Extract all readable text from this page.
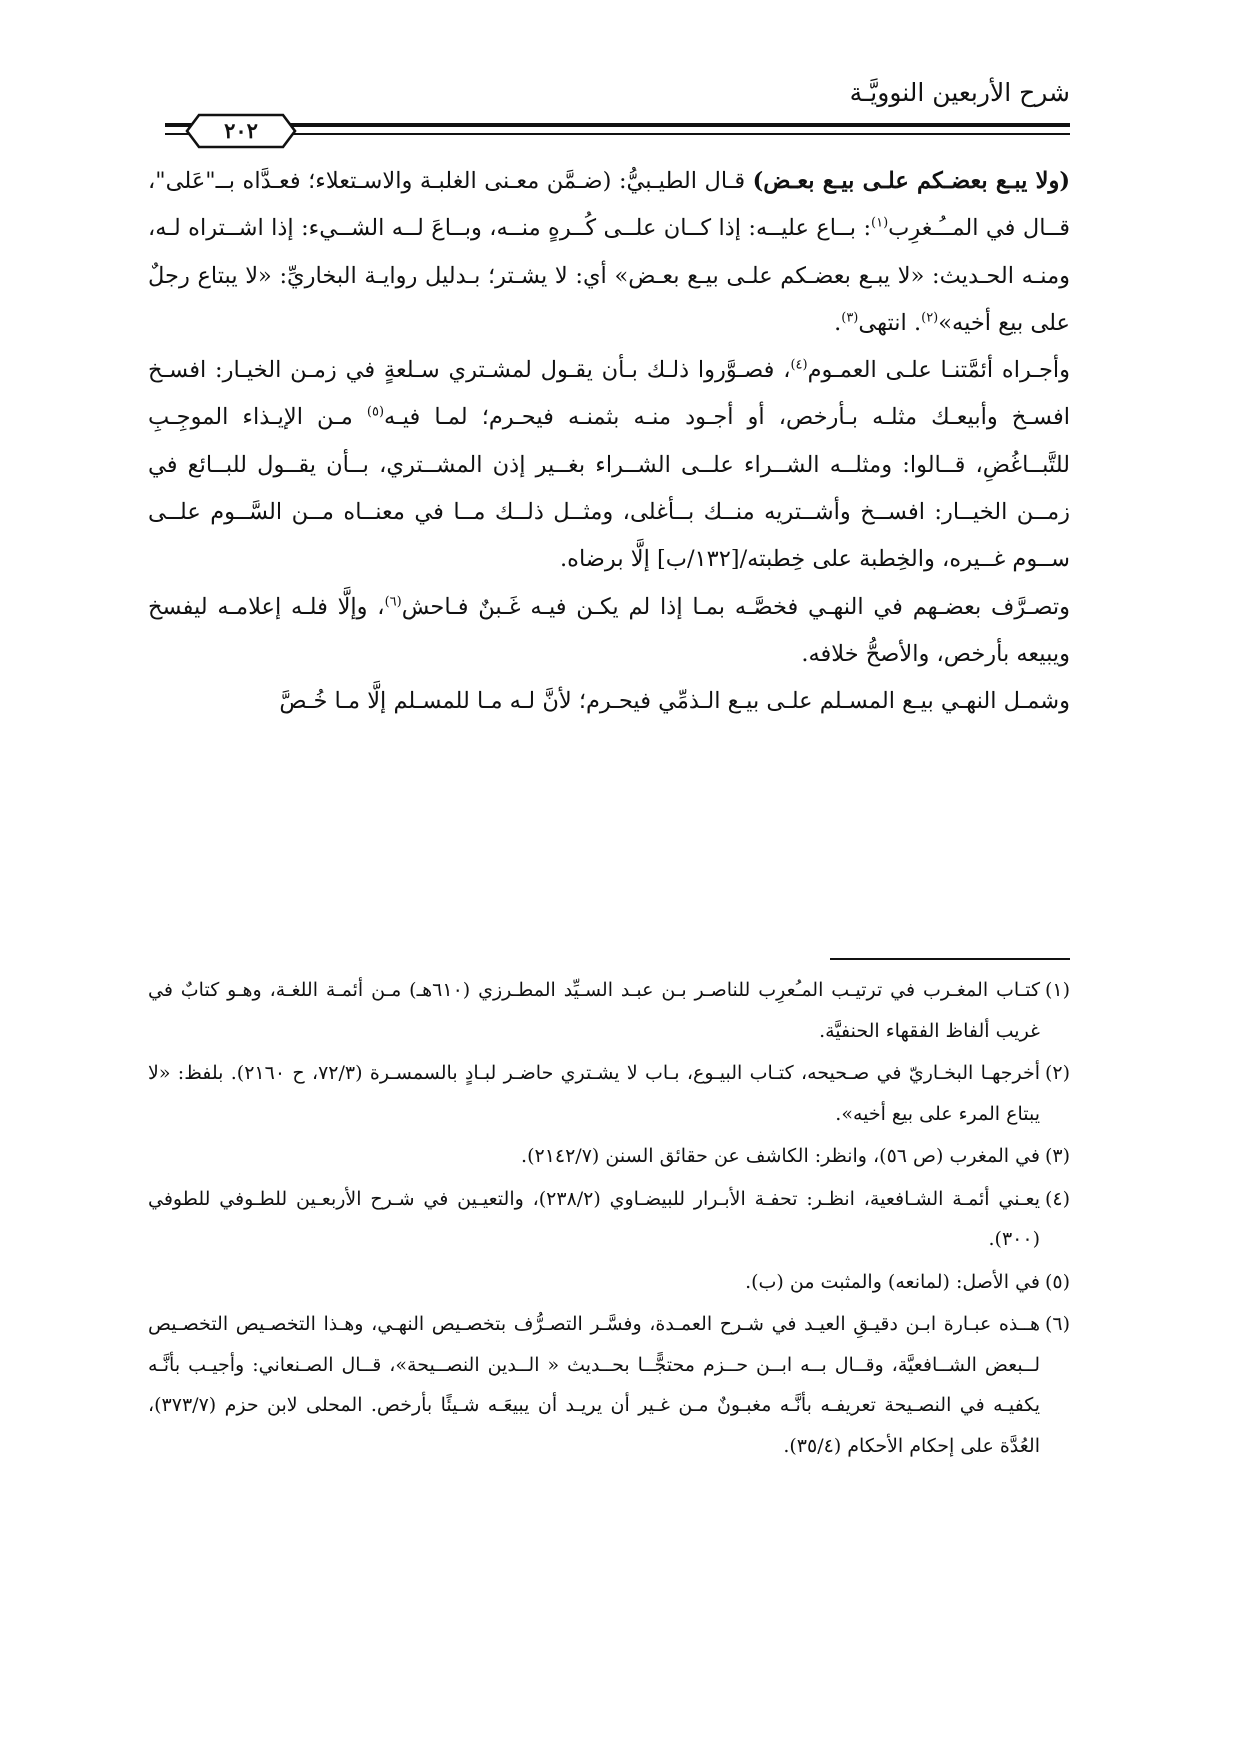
شرح الأربعين النوويَّـة
٢٠٢

(ولا يبـع بعضـكم علـى بيـع بعـض) قـال الطيـبيُّ: (ضـمَّن معـنى الغلبـة والاسـتعلاء؛ فعـدَّاه بــ"عَلى"، قــال في المــُـغرِب$^{(١)}$: بــاع عليــه: إذا كــان علــى كُــرهٍ منــه، وبــاعَ لــه الشــيء: إذا اشــتراه لـه، ومنـه الحـديث: «لا يبـع بعضـكم علـى بيـع بعـض» أي: لا يشـتر؛ بـدليل روايـة البخاريِّ: «لا يبتاع رجلٌ على بيع أخيه»$^{(٢)}$. انتهى$^{(٣)}$.

وأجـراه أئمَّتنـا علـى العمـوم$^{(٤)}$، فصـوَّروا ذلـك بـأن يقـول لمشـتري سـلعةٍ في زمـن الخيـار: افسـخ افسـخ وأبيعـك مثلـه بـأرخص، أو أجـود منـه بثمنـه فيحـرم؛ لمـا فيـه$^{(٥)}$ مـن الإيـذاء الموجِـبِ للتَّبــاغُضِ، قــالوا: ومثلــه الشــراء علــى الشــراء بغــير إذن المشــتري، بــأن يقــول للبــائع في زمــن الخيــار: افســخ وأشــتريه منــك بــأغلى، ومثــل ذلــك مــا في معنــاه مــن السَّــوم علــى ســوم غــيره، والخِطبة على خِطبته/[١٣٢/ب] إلَّا برضاه.

وتصـرَّف بعضـهم في النهـي فخصَّـه بمـا إذا لم يكـن فيـه غَـبنٌ فـاحش$^{(٦)}$، وإلَّا فلـه إعلامـه ليفسخ ويبيعه بأرخص، والأصحُّ خلافه.

وشمـل النهـي بيـع المسـلم علـى بيـع الـذمِّي فيحـرم؛ لأنَّ لـه مـا للمسـلم إلَّا مـا خُـصَّ

(١)
كتـاب المغـرب في ترتيـب المـُعرِب للناصـر بـن عبـد السـيِّد المطـرزي (٦١٠هـ) مـن أئمـة اللغـة، وهـو كتابٌ في غريب ألفاظ الفقهاء الحنفيَّة.
(٢)
أخرجهـا البخـاريّ في صـحيحه، كتـاب البيـوع، بـاب لا يشـتري حاضـر لبـادٍ بالسمسـرة (٧٢/٣، ح ٢١٦٠). بلفظ: «لا يبتاع المرء على بيع أخيه».
(٣)
في المغرب (ص ٥٦)، وانظر: الكاشف عن حقائق السنن (٢١٤٢/٧).
(٤)
يعـني أئمـة الشـافعية، انظـر: تحفـة الأبـرار للبيضـاوي (٢٣٨/٢)، والتعيـين في شـرح الأربعـين للطـوفي للطوفي (٣٠٠).
(٥)
في الأصل: (لمانعه) والمثبت من (ب).
(٦)
هــذه عبـارة ابـن دقيـقِ العيـد في شـرح العمـدة، وفسَّـر التصـرُّف بتخصـيص النهـي، وهـذا التخصـيص التخصـيص لــبعض الشــافعيَّة، وقــال بــه ابــن حــزم محتجًّــا بحــديث « الــدين النصــيحة»، قــال الصـنعاني: وأجيـب بأنَّـه يكفيـه في النصـيحة تعريفـه بأنَّـه مغبـونٌ مـن غـير أن يريـد أن يبيعَـه شـيئًا بأرخص. المحلى لابن حزم (٣٧٣/٧)، العُدَّة على إحكام الأحكام (٣٥/٤).
